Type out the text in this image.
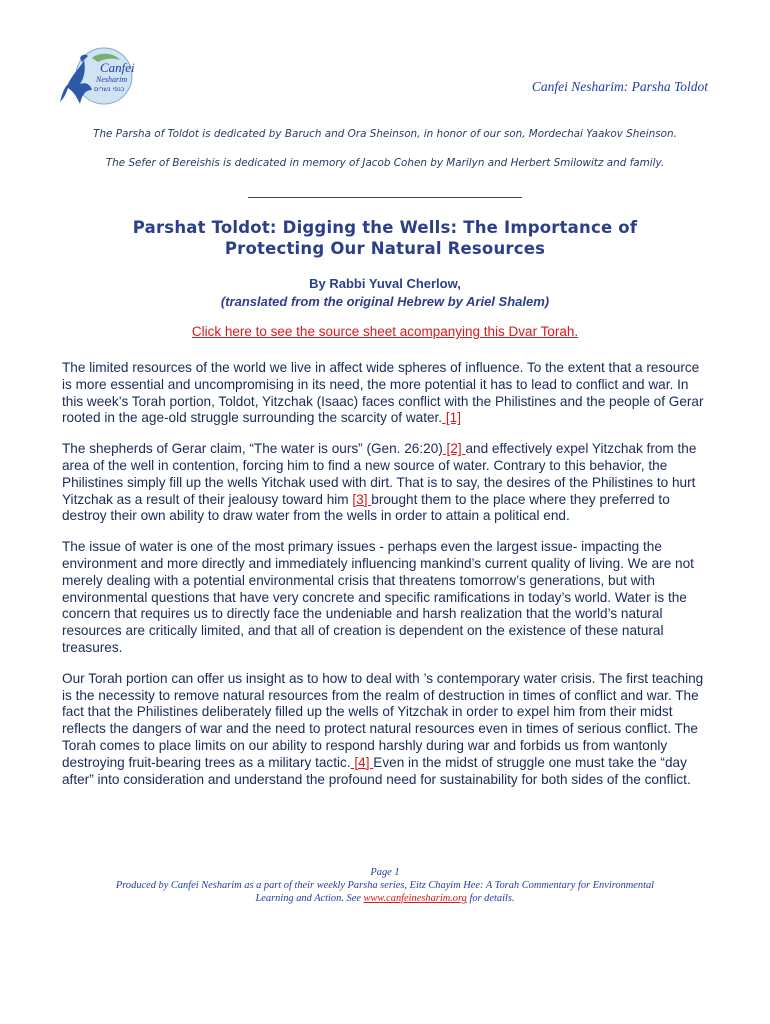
Canfei
Nesharim
כנפי נשרים	Canfei Nesharim: Parsha Toldot
The Parsha of Toldot is dedicated by Baruch and Ora Sheinson, in honor of our son, Mordechai Yaakov Sheinson.
The Sefer of Bereishis is dedicated in memory of Jacob Cohen by Marilyn and Herbert Smilowitz and family.
Parshat Toldot: Digging the Wells: The Importance of
Protecting Our Natural Resources
By Rabbi Yuval Cherlow,
(translated from the original Hebrew by Ariel Shalem)
Click here to see the source sheet acompanying this Dvar Torah.

The limited resources of the world we live in affect wide spheres of influence. To the extent that a resource is more essential and uncompromising in its need, the more potential it has to lead to conflict and war. In this week’s Torah portion, Toldot, Yitzchak (Isaac) faces conflict with the Philistines and the people of Gerar rooted in the age-old struggle surrounding the scarcity of water. [1]

The shepherds of Gerar claim, “The water is ours” (Gen. 26:20) [2] and effectively expel Yitzchak from the area of the well in contention, forcing him to find a new source of water. Contrary to this behavior, the Philistines simply fill up the wells Yitchak used with dirt. That is to say, the desires of the Philistines to hurt Yitzchak as a result of their jealousy toward him [3] brought them to the place where they preferred to destroy their own ability to draw water from the wells in order to attain a political end.

The issue of water is one of the most primary issues - perhaps even the largest issue- impacting the environment and more directly and immediately influencing mankind’s current quality of living. We are not merely dealing with a potential environmental crisis that threatens tomorrow’s generations, but with environmental questions that have very concrete and specific ramifications in today’s world. Water is the concern that requires us to directly face the undeniable and harsh realization that the world’s natural resources are critically limited, and that all of creation is dependent on the existence of these natural treasures.

Our Torah portion can offer us insight as to how to deal with ’s contemporary water crisis. The first teaching is the necessity to remove natural resources from the realm of destruction in times of conflict and war. The fact that the Philistines deliberately filled up the wells of Yitzchak in order to expel him from their midst reflects the dangers of war and the need to protect natural resources even in times of serious conflict. The Torah comes to place limits on our ability to respond harshly during war and forbids us from wantonly destroying fruit-bearing trees as a military tactic. [4] Even in the midst of struggle one must take the “day after” into consideration and understand the profound need for sustainability for both sides of the conflict.

Page 1
Produced by Canfei Nesharim as a part of their weekly Parsha series, Eitz Chayim Hee: A Torah Commentary for Environmental
Learning and Action. See www.canfeinesharim.org for details.
